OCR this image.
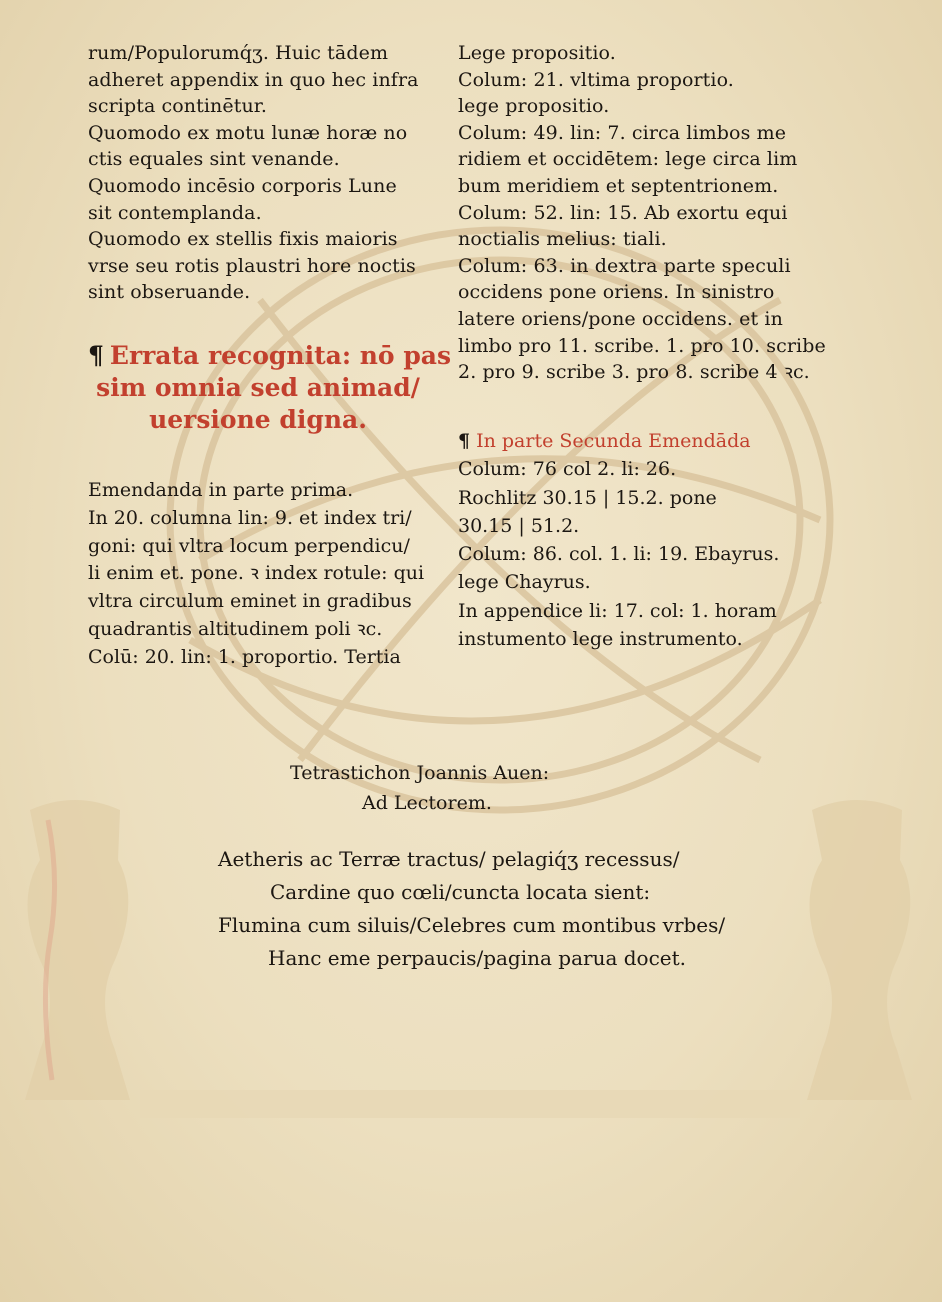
rum/Populorumq́ʒ. Huic tādem
adheret appendix in quo hec infra
scripta continētur.
Quomodo ex motu lunæ horæ no
ctis equales sint venande.
Quomodo incēsio corporis Lune
sit contemplanda.
Quomodo ex stellis fixis maioris
vrse seu rotis plaustri hore noctis
sint obseruande.
¶ Errata recognita: nō pas
sim omnia sed animad/
uersione digna.
Emendanda in parte prima.
In 20. columna lin: 9. et index tri/
goni: qui vltra locum perpendicu/
li enim et. pone. ꝛ index rotule: qui
vltra circulum eminet in gradibus
quadrantis altitudinem poli ꝛc.
Colū: 20. lin: 1. proportio. Tertia
Lege propositio.
Colum: 21. vltima proportio.
lege propositio.
Colum: 49. lin: 7. circa limbos me
ridiem et occidētem: lege circa lim
bum meridiem et septentrionem.
Colum: 52. lin: 15. Ab exortu equi
noctialis melius: tiali.
Colum: 63. in dextra parte speculi
occidens pone oriens. In sinistro
latere oriens/pone occidens. et in
limbo pro 11. scribe. 1. pro 10. scribe
2. pro 9. scribe 3. pro 8. scribe 4 ꝛc.
¶ In parte Secunda Emendāda
Colum: 76 col 2. li: 26.
Rochlitz 30.15 | 15.2. pone
30.15 | 51.2.
Colum: 86. col. 1. li: 19. Ebayrus.
lege Chayrus.
In appendice li: 17. col: 1. horam
instumento lege instrumento.
Tetrastichon Joannis Auen:
Ad Lectorem.
Aetheris ac Terræ tractus/ pelagiq́ʒ recessus/
Cardine quo cœli/cuncta locata sient:
Flumina cum siluis/Celebres cum montibus vrbes/
Hanc eme perpaucis/pagina parua docet.
